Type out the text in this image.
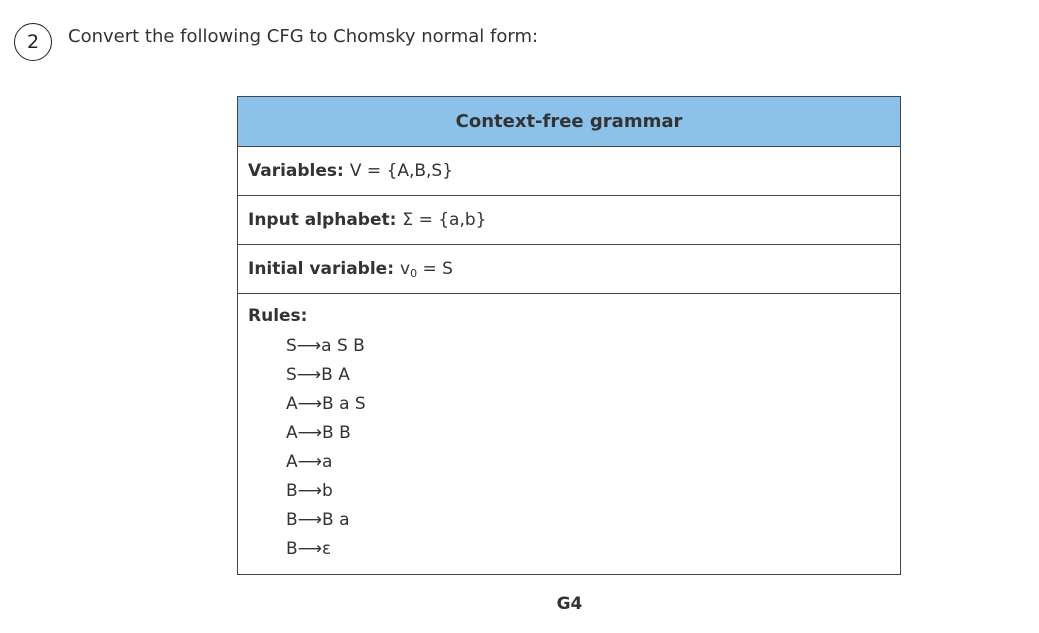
2 Convert the following CFG to Chomsky normal form:
Context-free grammar
Variables: V = {A,B,S}
Input alphabet: Σ = {a,b}
Initial variable: $v_0 = S$
Rules:
S⟶a S B
S⟶B A
A⟶B a S
A⟶B B
A⟶a
B⟶b
B⟶B a
B⟶ε
G4
